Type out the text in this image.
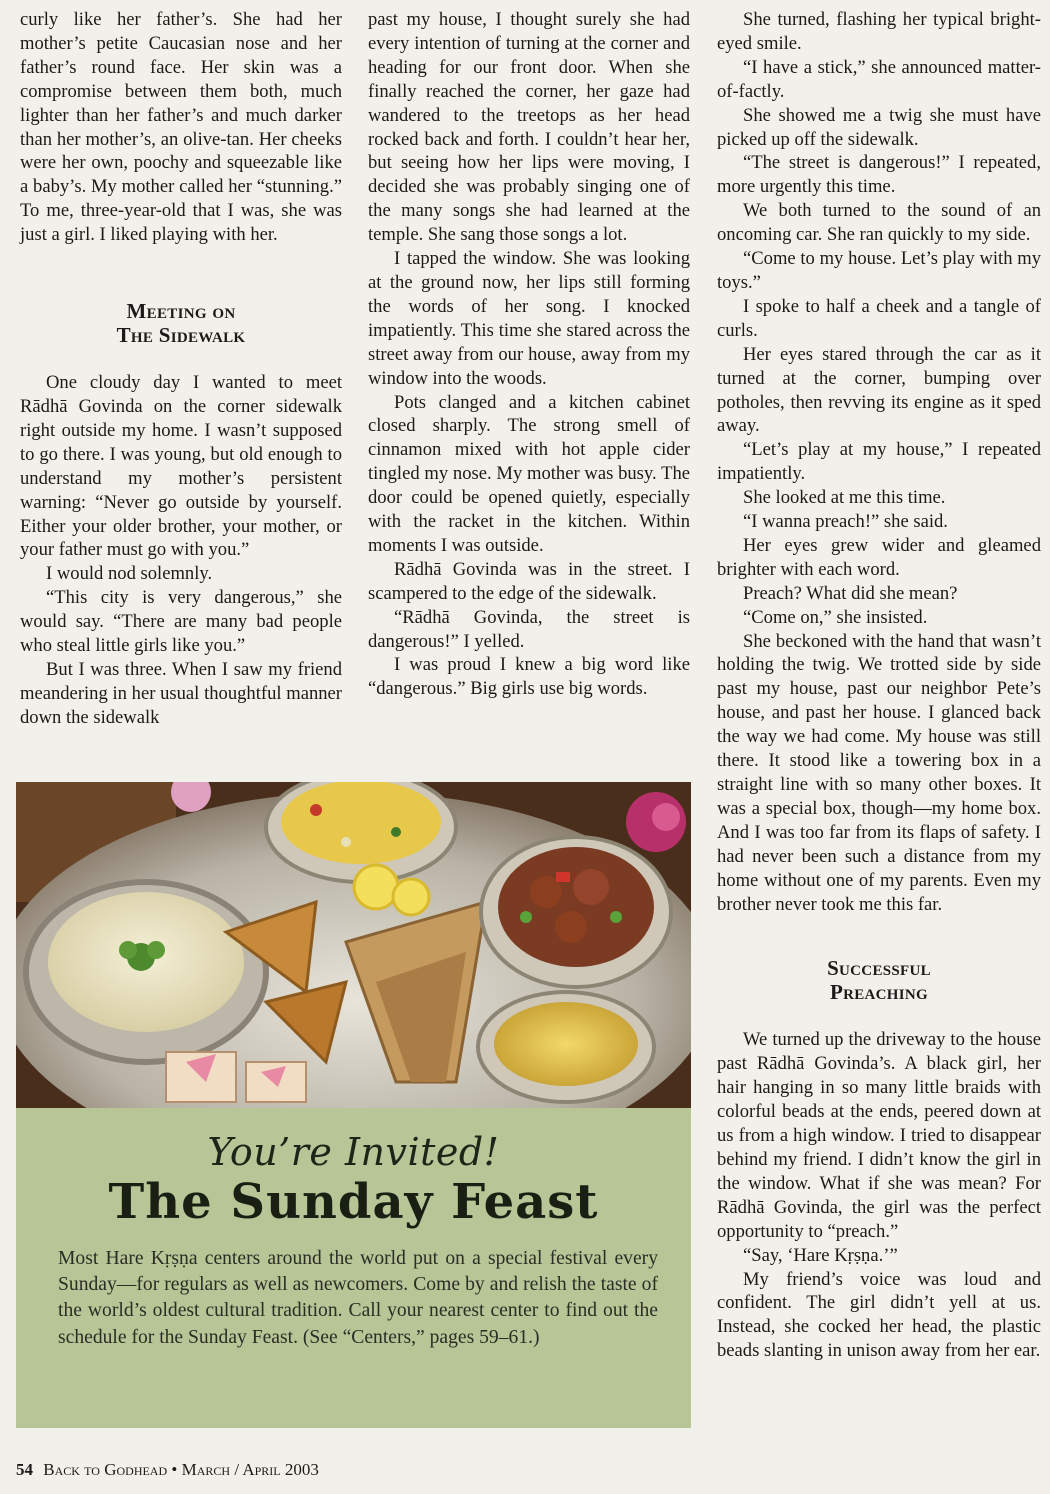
curly like her father’s. She had her mother’s petite Caucasian nose and her father’s round face. Her skin was a compromise between them both, much lighter than her father’s and much darker than her mother’s, an olive-tan. Her cheeks were her own, poochy and squeezable like a baby’s. My mother called her “stunning.” To me, three-year-old that I was, she was just a girl. I liked playing with her.

Meeting on
The Sidewalk

One cloudy day I wanted to meet Rādhā Govinda on the corner sidewalk right outside my home. I wasn’t supposed to go there. I was young, but old enough to understand my mother’s persistent warning: “Never go outside by yourself. Either your older brother, your mother, or your father must go with you.”

I would nod solemnly.

“This city is very dangerous,” she would say. “There are many bad people who steal little girls like you.”

But I was three. When I saw my friend meandering in her usual thoughtful manner down the sidewalk

past my house, I thought surely she had every intention of turning at the corner and heading for our front door. When she finally reached the corner, her gaze had wandered to the treetops as her head rocked back and forth. I couldn’t hear her, but seeing how her lips were moving, I decided she was probably singing one of the many songs she had learned at the temple. She sang those songs a lot.

I tapped the window. She was looking at the ground now, her lips still forming the words of her song. I knocked impatiently. This time she stared across the street away from our house, away from my window into the woods.

Pots clanged and a kitchen cabinet closed sharply. The strong smell of cinnamon mixed with hot apple cider tingled my nose. My mother was busy. The door could be opened quietly, especially with the racket in the kitchen. Within moments I was outside.

Rādhā Govinda was in the street. I scampered to the edge of the sidewalk.

“Rādhā Govinda, the street is dangerous!” I yelled.

I was proud I knew a big word like “dangerous.” Big girls use big words.

She turned, flashing her typical bright-eyed smile.

“I have a stick,” she announced matter-of-factly.

She showed me a twig she must have picked up off the sidewalk.

“The street is dangerous!” I repeated, more urgently this time.

We both turned to the sound of an oncoming car. She ran quickly to my side.

“Come to my house. Let’s play with my toys.”

I spoke to half a cheek and a tangle of curls.

Her eyes stared through the car as it turned at the corner, bumping over potholes, then revving its engine as it sped away.

“Let’s play at my house,” I repeated impatiently.

She looked at me this time.

“I wanna preach!” she said.

Her eyes grew wider and gleamed brighter with each word.

Preach? What did she mean?

“Come on,” she insisted.

She beckoned with the hand that wasn’t holding the twig. We trotted side by side past my house, past our neighbor Pete’s house, and past her house. I glanced back the way we had come. My house was still there. It stood like a towering box in a straight line with so many other boxes. It was a special box, though—my home box. And I was too far from its flaps of safety. I had never been such a distance from my home without one of my parents. Even my brother never took me this far.

Successful
Preaching

We turned up the driveway to the house past Rādhā Govinda’s. A black girl, her hair hanging in so many little braids with colorful beads at the ends, peered down at us from a high window. I tried to disappear behind my friend. I didn’t know the girl in the window. What if she was mean? For Rādhā Govinda, the girl was the perfect opportunity to “preach.”

“Say, ‘Hare Kṛṣṇa.’”

My friend’s voice was loud and confident. The girl didn’t yell at us. Instead, she cocked her head, the plastic beads slanting in unison away from her ear.

You’re Invited!
The Sunday Feast
Most Hare Kṛṣṇa centers around the world put on a special festival every Sunday—for regulars as well as newcomers. Come by and relish the taste of the world’s oldest cultural tradition. Call your nearest center to find out the schedule for the Sunday Feast. (See “Centers,” pages 59–61.)
54 Back to Godhead • March / April 2003
